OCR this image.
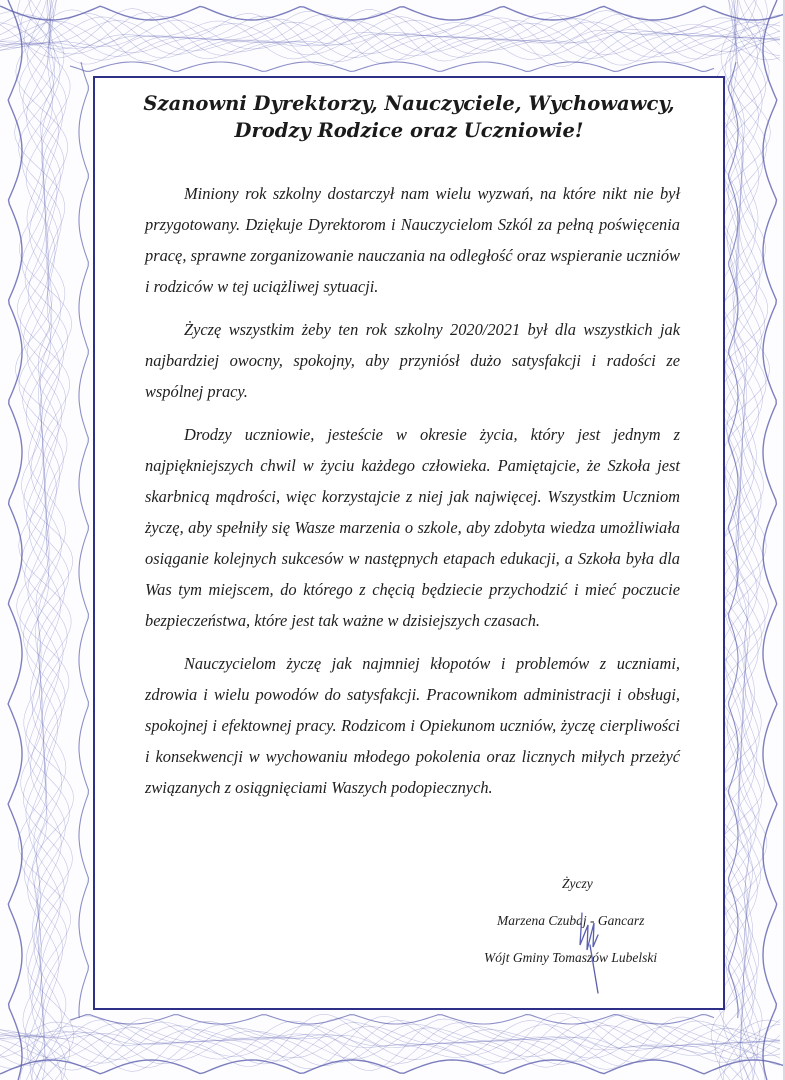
Szanowni Dyrektorzy, Nauczyciele, Wychowawcy,
Drodzy Rodzice oraz Uczniowie!

Miniony rok szkolny dostarczył nam wielu wyzwań, na które nikt nie był przygotowany. Dziękuje Dyrektorom i Nauczycielom Szkól za pełną poświęcenia pracę, sprawne zorganizowanie nauczania na odległość oraz wspieranie uczniów i rodziców w tej uciążliwej sytuacji.

Życzę wszystkim żeby ten rok szkolny 2020/2021 był dla wszystkich jak najbardziej owocny, spokojny, aby przyniósł dużo satysfakcji i radości ze wspólnej pracy.

Drodzy uczniowie, jesteście w okresie życia, który jest jednym z najpiękniejszych chwil w życiu każdego człowieka. Pamiętajcie, że Szkoła jest skarbnicą mądrości, więc korzystajcie z niej jak najwięcej. Wszystkim Uczniom życzę, aby spełniły się Wasze marzenia o szkole, aby zdobyta wiedza umożliwiała osiąganie kolejnych sukcesów w następnych etapach edukacji, a Szkoła była dla Was tym miejscem, do którego z chęcią będziecie przychodzić i mieć poczucie bezpieczeństwa, które jest tak ważne w dzisiejszych czasach.

Nauczycielom życzę jak najmniej kłopotów i problemów z uczniami, zdrowia i wielu powodów do satysfakcji. Pracownikom administracji i obsługi, spokojnej i efektownej pracy. Rodzicom i Opiekunom uczniów, życzę cierpliwości i konsekwencji w wychowaniu młodego pokolenia oraz licznych miłych przeżyć związanych z osiągnięciami Waszych podopiecznych.

Życzy
Marzena Czubaj - Gancarz
Wójt Gminy Tomaszów Lubelski
